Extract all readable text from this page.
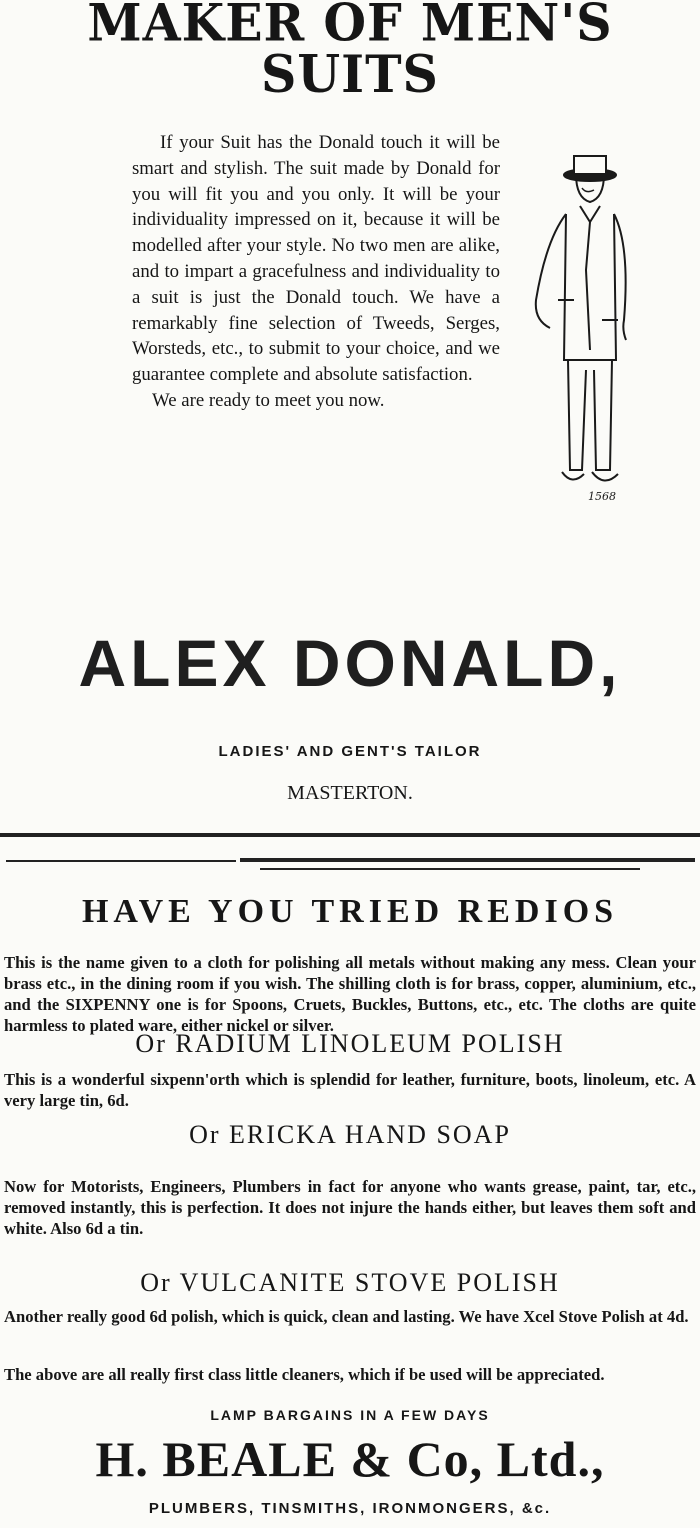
MAKER OF MEN'S SUITS

If your Suit has the Donald touch it will be smart and stylish. The suit made by Donald for you will fit you and you only. It will be your individuality impressed on it, because it will be modelled after your style. No two men are alike, and to impart a gracefulness and individuality to a suit is just the Donald touch. We have a remarkably fine selection of Tweeds, Serges, Worsteds, etc., to submit to your choice, and we guarantee complete and absolute satisfaction.

We are ready to meet you now.

1568
ALEX DONALD,
LADIES' AND GENT'S TAILOR
MASTERTON.
HAVE YOU TRIED REDIOS
This is the name given to a cloth for polishing all metals without making any mess. Clean your brass etc., in the dining room if you wish. The shilling cloth is for brass, copper, aluminium, etc., and the SIXPENNY one is for Spoons, Cruets, Buckles, Buttons, etc., etc. The cloths are quite harmless to plated ware, either nickel or silver.
Or RADIUM LINOLEUM POLISH
This is a wonderful sixpenn'orth which is splendid for leather, furniture, boots, linoleum, etc. A very large tin, 6d.
Or ERICKA HAND SOAP
Now for Motorists, Engineers, Plumbers in fact for anyone who wants grease, paint, tar, etc., removed instantly, this is perfection. It does not injure the hands either, but leaves them soft and white. Also 6d a tin.
Or VULCANITE STOVE POLISH
Another really good 6d polish, which is quick, clean and lasting. We have Xcel Stove Polish at 4d.
The above are all really first class little cleaners, which if be used will be appreciated.
LAMP BARGAINS IN A FEW DAYS
H. BEALE & Co, Ltd.,
PLUMBERS, TINSMITHS, IRONMONGERS, &c.
